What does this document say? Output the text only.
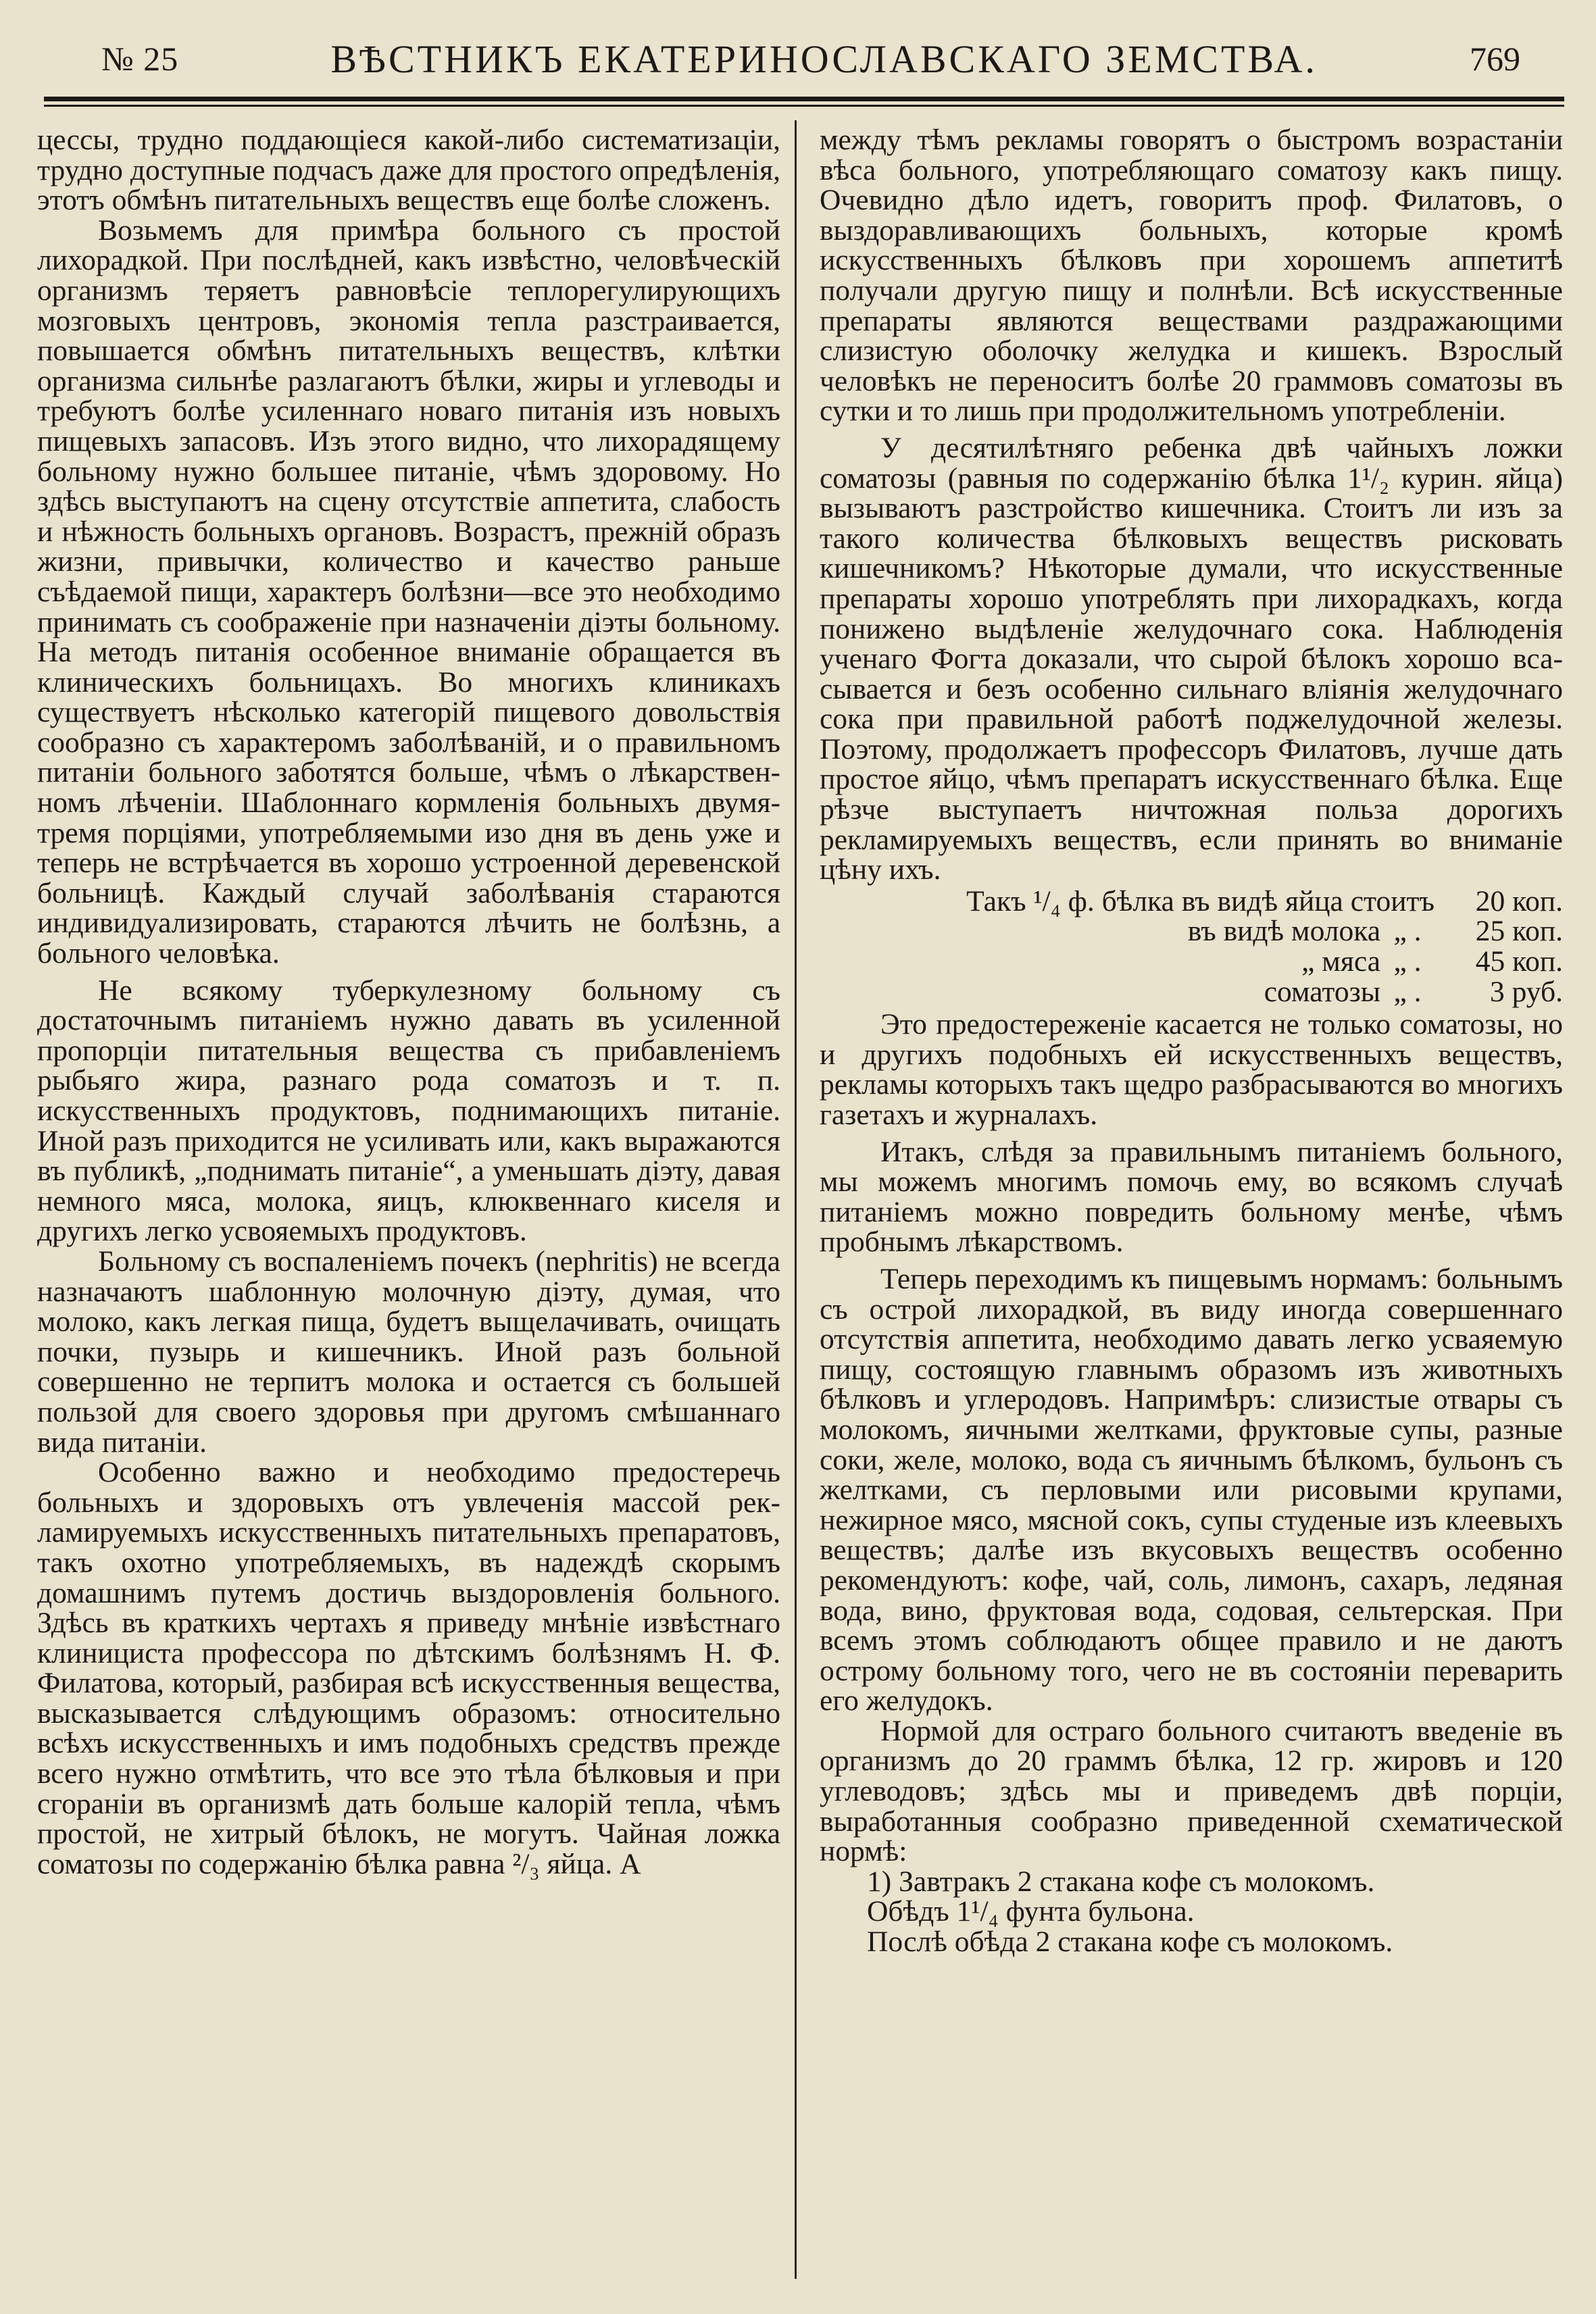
№ 25	ВѢСТНИКЪ ЕКАТЕРИНОСЛАВСКАГО ЗЕМСТВА.	769

цессы, трудно поддающіеся какой-либо систематизаціи, трудно доступные подчасъ даже для простого опредѣленія, этотъ обмѣнъ питательныхъ веществъ еще болѣе сложенъ.

Возьмемъ для примѣра больного съ простой лихорадкой. При послѣдней, какъ извѣстно, человѣческій организмъ теряетъ равновѣсіе теплорегулирующихъ мозговыхъ центровъ, экономія тепла разстраивается, повышается обмѣнъ питательныхъ веществъ, клѣтки организма сильнѣе разлагаютъ бѣлки, жиры и углеводы и требуютъ болѣе усиленнаго новаго питанія изъ новыхъ пищевыхъ запасовъ. Изъ этого видно, что лихорадящему больному нужно большее питаніе, чѣмъ здоровому. Но здѣсь выступаютъ на сцену отсутствіе аппетита, слабость и нѣжность больныхъ органовъ. Возрастъ, прежній образъ жизни, привычки, количество и качество раньше съѣдаемой пищи, характеръ болѣзни—все это необходимо принимать съ соображеніе при назначеніи діэты больному. На методъ питанія особенное вниманіе обращается въ клиническихъ больницахъ. Во многихъ клиникахъ существуетъ нѣсколько категорій пищевого довольствія сообразно съ характеромъ заболѣваній, и о правильномъ питаніи больного заботятся больше, чѣмъ о лѣкарственномъ лѣченіи. Шаблоннаго кормленія больныхъ двумя-тремя порціями, употребляемыми изо дня въ день уже и теперь не встрѣчается въ хорошо устроенной деревенской больницѣ. Каждый случай заболѣванія стараются индивидуализировать, стараются лѣчить не болѣзнь, а больного человѣка.

Не всякому туберкулезному больному съ достаточнымъ питаніемъ нужно давать въ усиленной пропорціи питательныя вещества съ прибавленіемъ рыбьяго жира, разнаго рода соматозъ и т. п. искусственныхъ продуктовъ, поднимающихъ питаніе. Иной разъ приходится не усиливать или, какъ выражаются въ публикѣ, „поднимать питаніе“, а уменьшать діэту, давая немного мяса, молока, яицъ, клюквеннаго киселя и другихъ легко усвояемыхъ продуктовъ.

Больному съ воспаленіемъ почекъ (nephritis) не всегда назначаютъ шаблонную молочную діэту, думая, что молоко, какъ легкая пища, будетъ выщелачивать, очищать почки, пузырь и кишечникъ. Иной разъ больной совершенно не терпитъ молока и остается съ большей пользой для своего здоровья при другомъ смѣшаннаго вида питаніи.

Особенно важно и необходимо предостеречь больныхъ и здоровыхъ отъ увлеченія массой рекламируемыхъ искусственныхъ питательныхъ препаратовъ, такъ охотно употребляемыхъ, въ надеждѣ скорымъ домашнимъ путемъ достичь выздоровленія больного. Здѣсь въ краткихъ чертахъ я приведу мнѣніе извѣстнаго клинициста профессора по дѣтскимъ болѣзнямъ Н. Ф. Филатова, который, разбирая всѣ искусственныя вещества, высказывается слѣдующимъ образомъ: относительно всѣхъ искусственныхъ и имъ подобныхъ средствъ прежде всего нужно отмѣтить, что все это тѣла бѣлковыя и при сгораніи въ организмѣ дать больше калорій тепла, чѣмъ простой, не хитрый бѣлокъ, не могутъ. Чайная ложка соматозы по содержанію бѣлка равна ²/₃ яйца. А

между тѣмъ рекламы говорятъ о быстромъ возрастаніи вѣса больного, употребляющаго соматозу какъ пищу. Очевидно дѣло идетъ, говоритъ проф. Филатовъ, о выздоравливающихъ больныхъ, которые кромѣ искусственныхъ бѣлковъ при хорошемъ аппетитѣ получали другую пищу и полнѣли. Всѣ искусственные препараты являются веществами раздражающими слизистую оболочку желудка и кишекъ. Взрослый человѣкъ не переноситъ болѣе 20 граммовъ соматозы въ сутки и то лишь при продолжительномъ употребленіи.

У десятилѣтняго ребенка двѣ чайныхъ ложки соматозы (равныя по содержанію бѣлка 1¹/₂ курин. яйца) вызываютъ разстройство кишечника. Стоитъ ли изъ за такого количества бѣлковыхъ веществъ рисковать кишечникомъ? Нѣкоторые думали, что искусственные препараты хорошо употреблять при лихорадкахъ, когда понижено выдѣленіе желудочнаго сока. Наблюденія ученаго Фогта доказали, что сырой бѣлокъ хорошо всасывается и безъ особенно сильнаго вліянія желудочнаго сока при правильной работѣ поджелудочной железы. Поэтому, продолжаетъ профессоръ Филатовъ, лучше дать простое яйцо, чѣмъ препаратъ искусственнаго бѣлка. Еще рѣзче выступаетъ ничтожная польза дорогихъ рекламируемыхъ веществъ, если принять во вниманіе цѣну ихъ.

Такъ ¹/₄ ф. бѣлка въ видѣ яйца стоитъ	20 коп.
въ видѣ молока „ .	25 коп.
„ мяса „ .	45 коп.
соматозы „ .	3 руб.

Это предостереженіе касается не только соматозы, но и другихъ подобныхъ ей искусственныхъ веществъ, рекламы которыхъ такъ щедро разбрасываются во многихъ газетахъ и журналахъ.

Итакъ, слѣдя за правильнымъ питаніемъ больного, мы можемъ многимъ помочь ему, во всякомъ случаѣ питаніемъ можно повредить больному менѣе, чѣмъ пробнымъ лѣкарствомъ.

Теперь переходимъ къ пищевымъ нормамъ: больнымъ съ острой лихорадкой, въ виду иногда совершеннаго отсутствія аппетита, необходимо давать легко усваяемую пищу, состоящую главнымъ образомъ изъ животныхъ бѣлковъ и углеродовъ. Напримѣръ: слизистые отвары съ молокомъ, яичными желтками, фруктовые супы, разные соки, желе, молоко, вода съ яичнымъ бѣлкомъ, бульонъ съ желтками, съ перловыми или рисовыми крупами, нежирное мясо, мясной сокъ, супы студеные изъ клеевыхъ веществъ; далѣе изъ вкусовыхъ веществъ особенно рекомендуютъ: кофе, чай, соль, лимонъ, сахаръ, ледяная вода, вино, фруктовая вода, содовая, сельтерская. При всемъ этомъ соблюдаютъ общее правило и не даютъ острому больному того, чего не въ состояніи переварить его желудокъ.

Нормой для остраго больного считаютъ введеніе въ организмъ до 20 граммъ бѣлка, 12 гр. жировъ и 120 углеводовъ; здѣсь мы и приведемъ двѣ порціи, выработанныя сообразно приведенной схематической нормѣ:

1) Завтракъ 2 стакана кофе съ молокомъ.

Обѣдъ 1¹/₄ фунта бульона.

Послѣ обѣда 2 стакана кофе съ молокомъ.
